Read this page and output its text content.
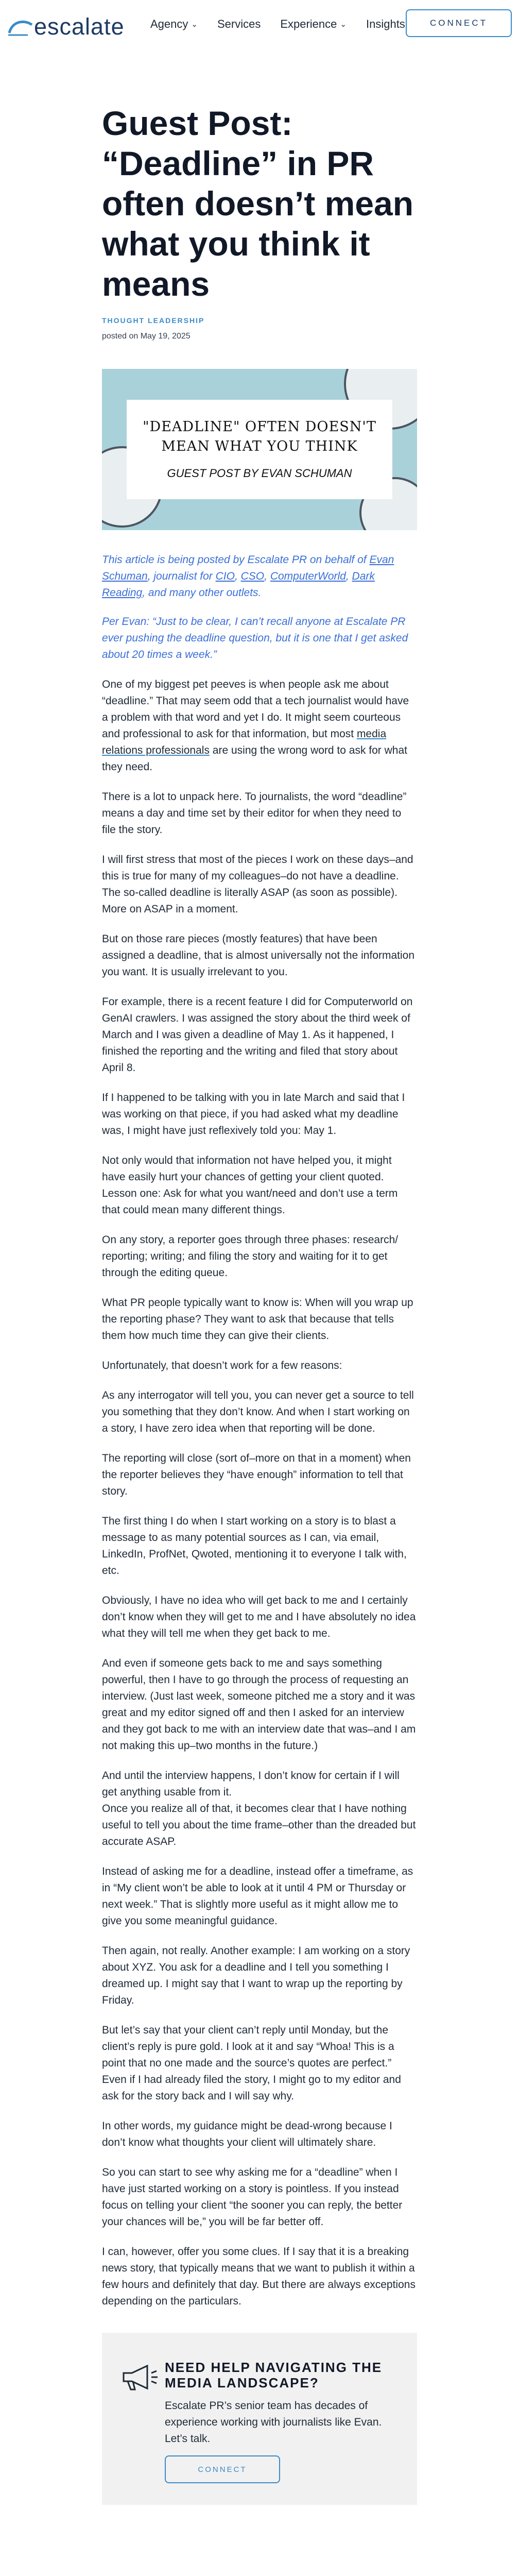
escalate Agency ⌄ Services Experience ⌄ Insights	CONNECT
Guest Post: “Deadline” in PR often doesn’t mean what you think it means
THOUGHT LEADERSHIP
posted on May 19, 2025
"DEADLINE" OFTEN DOESN'T MEAN WHAT YOU THINK
GUEST POST BY EVAN SCHUMAN
This article is being posted by Escalate PR on behalf of Evan Schuman, journalist for CIO, CSO, ComputerWorld, Dark Reading, and many other outlets.
Per Evan: “Just to be clear, I can’t recall anyone at Escalate PR ever pushing the deadline question, but it is one that I get asked about 20 times a week.”
One of my biggest pet peeves is when people ask me about “deadline.” That may seem odd that a tech journalist would have a problem with that word and yet I do. It might seem courteous and professional to ask for that information, but most media relations professionals are using the wrong word to ask for what they need.
There is a lot to unpack here. To journalists, the word “deadline” means a day and time set by their editor for when they need to file the story.
I will first stress that most of the pieces I work on these days–and this is true for many of my colleagues–do not have a deadline. The so-called deadline is literally ASAP (as soon as possible). More on ASAP in a moment.
But on those rare pieces (mostly features) that have been assigned a deadline, that is almost universally not the information you want. It is usually irrelevant to you.
For example, there is a recent feature I did for Computerworld on GenAI crawlers. I was assigned the story about the third week of March and I was given a deadline of May 1. As it happened, I finished the reporting and the writing and filed that story about April 8.
If I happened to be talking with you in late March and said that I was working on that piece, if you had asked what my deadline was, I might have just reflexively told you: May 1.
Not only would that information not have helped you, it might have easily hurt your chances of getting your client quoted. Lesson one: Ask for what you want/need and don’t use a term that could mean many different things.
On any story, a reporter goes through three phases: research/ reporting; writing; and filing the story and waiting for it to get through the editing queue.
What PR people typically want to know is: When will you wrap up the reporting phase? They want to ask that because that tells them how much time they can give their clients.
Unfortunately, that doesn’t work for a few reasons:
As any interrogator will tell you, you can never get a source to tell you something that they don’t know. And when I start working on a story, I have zero idea when that reporting will be done.
The reporting will close (sort of–more on that in a moment) when the reporter believes they “have enough” information to tell that story.
The first thing I do when I start working on a story is to blast a message to as many potential sources as I can, via email, LinkedIn, ProfNet, Qwoted, mentioning it to everyone I talk with, etc.
Obviously, I have no idea who will get back to me and I certainly don’t know when they will get to me and I have absolutely no idea what they will tell me when they get back to me.
And even if someone gets back to me and says something powerful, then I have to go through the process of requesting an interview. (Just last week, someone pitched me a story and it was great and my editor signed off and then I asked for an interview and they got back to me with an interview date that was–and I am not making this up–two months in the future.)
And until the interview happens, I don’t know for certain if I will get anything usable from it.
Once you realize all of that, it becomes clear that I have nothing useful to tell you about the time frame–other than the dreaded but accurate ASAP.
Instead of asking me for a deadline, instead offer a timeframe, as in “My client won’t be able to look at it until 4 PM or Thursday or next week.” That is slightly more useful as it might allow me to give you some meaningful guidance.
Then again, not really. Another example: I am working on a story about XYZ. You ask for a deadline and I tell you something I dreamed up. I might say that I want to wrap up the reporting by Friday.
But let’s say that your client can’t reply until Monday, but the client’s reply is pure gold. I look at it and say “Whoa! This is a point that no one made and the source’s quotes are perfect.” Even if I had already filed the story, I might go to my editor and ask for the story back and I will say why.
In other words, my guidance might be dead-wrong because I don’t know what thoughts your client will ultimately share.
So you can start to see why asking me for a “deadline” when I have just started working on a story is pointless. If you instead focus on telling your client “the sooner you can reply, the better your chances will be,” you will be far better off.
I can, however, offer you some clues. If I say that it is a breaking news story, that typically means that we want to publish it within a few hours and definitely that day. But there are always exceptions depending on the particulars.
NEED HELP NAVIGATING THE MEDIA LANDSCAPE?
Escalate PR’s senior team has decades of experience working with journalists like Evan. Let’s talk.
CONNECT
